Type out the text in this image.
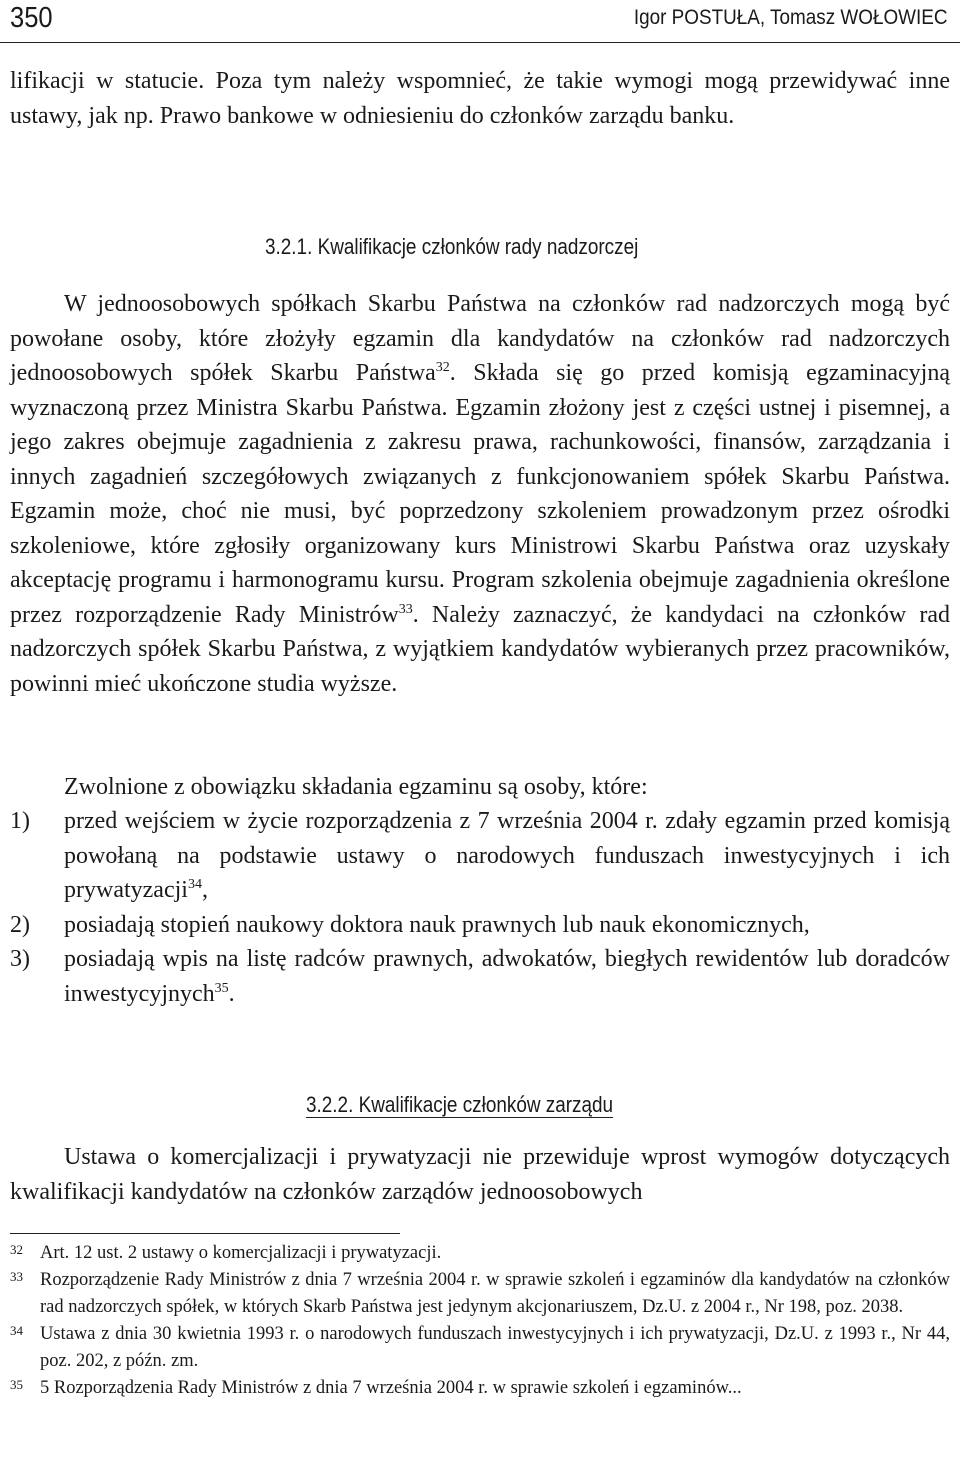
350	Igor POSTUŁA, Tomasz WOŁOWIEC

lifikacji w statucie. Poza tym należy wspomnieć, że takie wymogi mogą przewidywać inne ustawy, jak np. Prawo bankowe w odniesieniu do członków zarządu banku.

3.2.1. Kwalifikacje członków rady nadzorczej

W jednoosobowych spółkach Skarbu Państwa na członków rad nadzorczych mogą być powołane osoby, które złożyły egzamin dla kandydatów na członków rad nadzorczych jednoosobowych spółek Skarbu Państwa$^{32}$. Składa się go przed komisją egzaminacyjną wyznaczoną przez Ministra Skarbu Państwa. Egzamin złożony jest z części ustnej i pisemnej, a jego zakres obejmuje zagadnienia z zakresu prawa, rachunkowości, finansów, zarządzania i innych zagadnień szczegółowych związanych z funkcjonowaniem spółek Skarbu Państwa. Egzamin może, choć nie musi, być poprzedzony szkoleniem prowadzonym przez ośrodki szkoleniowe, które zgłosiły organizowany kurs Ministrowi Skarbu Państwa oraz uzyskały akceptację programu i harmonogramu kursu. Program szkolenia obejmuje zagadnienia określone przez rozporządzenie Rady Ministrów$^{33}$. Należy zaznaczyć, że kandydaci na członków rad nadzorczych spółek Skarbu Państwa, z wyjątkiem kandydatów wybieranych przez pracowników, powinni mieć ukończone studia wyższe.

Zwolnione z obowiązku składania egzaminu są osoby, które:

1)	przed wejściem w życie rozporządzenia z 7 września 2004 r. zdały egzamin przed komisją powołaną na podstawie ustawy o narodowych funduszach inwestycyjnych i ich prywatyzacji$^{34}$,
2)	posiadają stopień naukowy doktora nauk prawnych lub nauk ekonomicznych,
3)	posiadają wpis na listę radców prawnych, adwokatów, biegłych rewidentów lub doradców inwestycyjnych$^{35}$.
3.2.2. Kwalifikacje członków zarządu

Ustawa o komercjalizacji i prywatyzacji nie przewiduje wprost wymogów dotyczących kwalifikacji kandydatów na członków zarządów jednoosobowych

32 Art. 12 ust. 2 ustawy o komercjalizacji i prywatyzacji.
33 Rozporządzenie Rady Ministrów z dnia 7 września 2004 r. w sprawie szkoleń i egzaminów dla kandydatów na członków rad nadzorczych spółek, w których Skarb Państwa jest jedynym akcjonariuszem, Dz.U. z 2004 r., Nr 198, poz. 2038.
34 Ustawa z dnia 30 kwietnia 1993 r. o narodowych funduszach inwestycyjnych i ich prywatyzacji, Dz.U. z 1993 r., Nr 44, poz. 202, z późn. zm.
35 5 Rozporządzenia Rady Ministrów z dnia 7 września 2004 r. w sprawie szkoleń i egzaminów...
